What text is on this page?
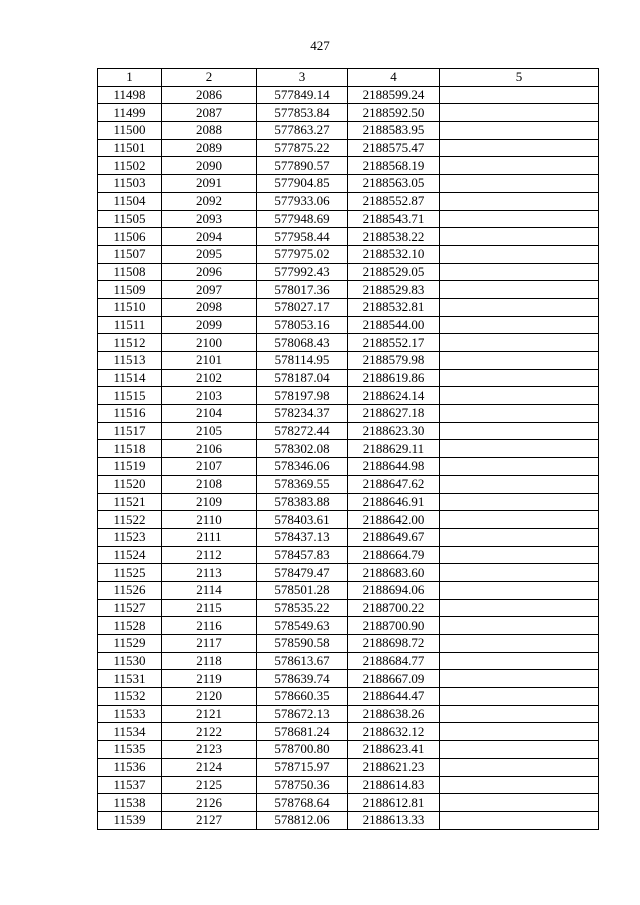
427
1	2	3	4	5
11498	2086	577849.14	2188599.24	
11499	2087	577853.84	2188592.50	
11500	2088	577863.27	2188583.95	
11501	2089	577875.22	2188575.47	
11502	2090	577890.57	2188568.19	
11503	2091	577904.85	2188563.05	
11504	2092	577933.06	2188552.87	
11505	2093	577948.69	2188543.71	
11506	2094	577958.44	2188538.22	
11507	2095	577975.02	2188532.10	
11508	2096	577992.43	2188529.05	
11509	2097	578017.36	2188529.83	
11510	2098	578027.17	2188532.81	
11511	2099	578053.16	2188544.00	
11512	2100	578068.43	2188552.17	
11513	2101	578114.95	2188579.98	
11514	2102	578187.04	2188619.86	
11515	2103	578197.98	2188624.14	
11516	2104	578234.37	2188627.18	
11517	2105	578272.44	2188623.30	
11518	2106	578302.08	2188629.11	
11519	2107	578346.06	2188644.98	
11520	2108	578369.55	2188647.62	
11521	2109	578383.88	2188646.91	
11522	2110	578403.61	2188642.00	
11523	2111	578437.13	2188649.67	
11524	2112	578457.83	2188664.79	
11525	2113	578479.47	2188683.60	
11526	2114	578501.28	2188694.06	
11527	2115	578535.22	2188700.22	
11528	2116	578549.63	2188700.90	
11529	2117	578590.58	2188698.72	
11530	2118	578613.67	2188684.77	
11531	2119	578639.74	2188667.09	
11532	2120	578660.35	2188644.47	
11533	2121	578672.13	2188638.26	
11534	2122	578681.24	2188632.12	
11535	2123	578700.80	2188623.41	
11536	2124	578715.97	2188621.23	
11537	2125	578750.36	2188614.83	
11538	2126	578768.64	2188612.81	
11539	2127	578812.06	2188613.33	
